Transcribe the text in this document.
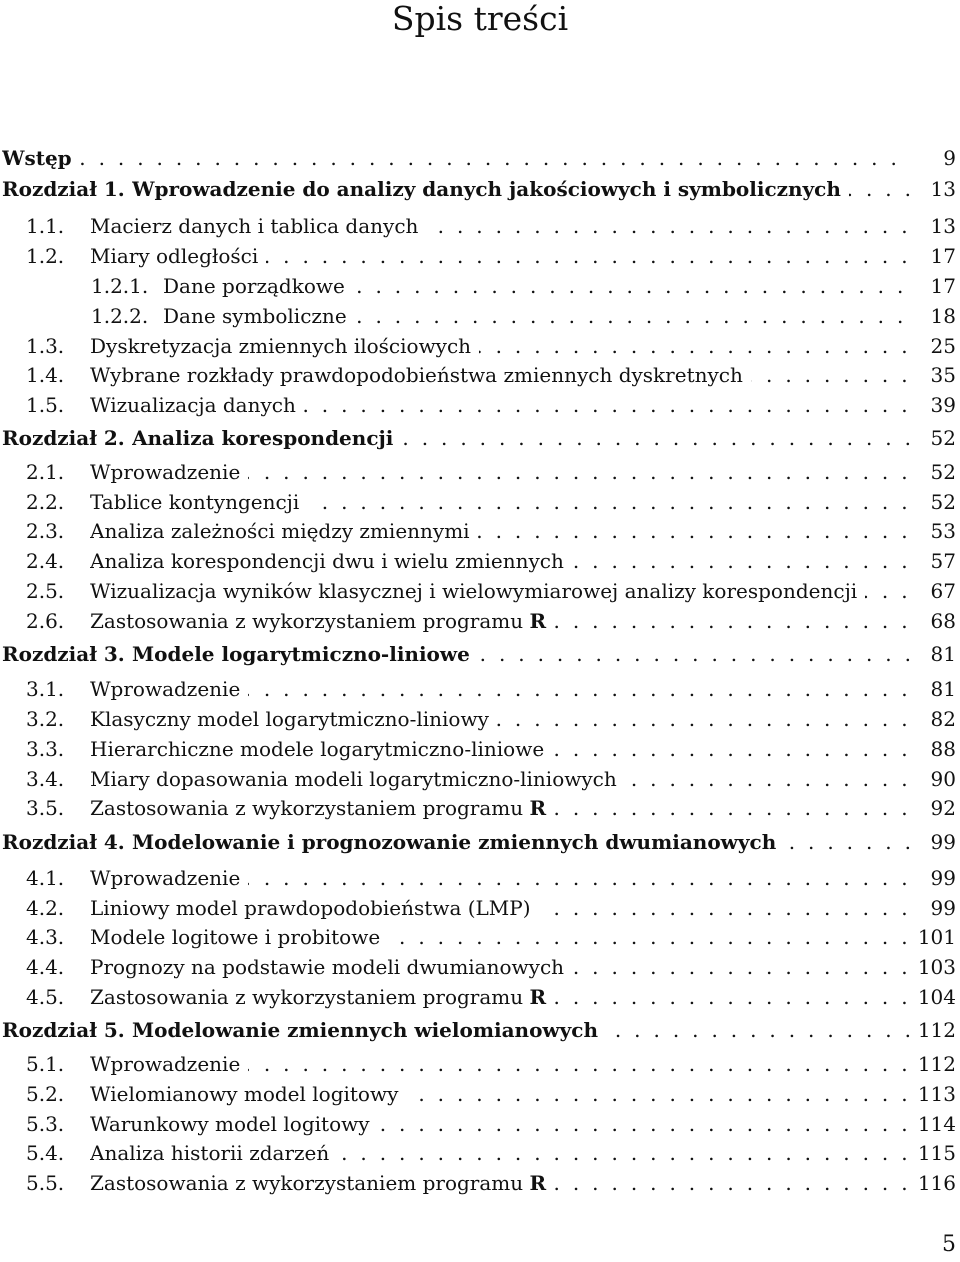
Spis treści
Wstęp . . .	9
Rozdział 1. Wprowadzenie do analizy danych jakościowych i symbolicznych . . .	13
1.1. Macierz danych i tablica danych . . .	13
1.2. Miary odległości . . .	17
1.2.1. Dane porządkowe . . .	17
1.2.2. Dane symboliczne . . .	18
1.3. Dyskretyzacja zmiennych ilościowych . . .	25
1.4. Wybrane rozkłady prawdopodobieństwa zmiennych dyskretnych . . .	35
1.5. Wizualizacja danych . . .	39
Rozdział 2. Analiza korespondencji . . .	52
2.1. Wprowadzenie . . .	52
2.2. Tablice kontyngencji . . .	52
2.3. Analiza zależności między zmiennymi . . .	53
2.4. Analiza korespondencji dwu i wielu zmiennych . . .	57
2.5. Wizualizacja wyników klasycznej i wielowymiarowej analizy korespondencji . . .	67
2.6. Zastosowania z wykorzystaniem programu R . . .	68
Rozdział 3. Modele logarytmiczno-liniowe . . .	81
3.1. Wprowadzenie . . .	81
3.2. Klasyczny model logarytmiczno-liniowy . . .	82
3.3. Hierarchiczne modele logarytmiczno-liniowe . . .	88
3.4. Miary dopasowania modeli logarytmiczno-liniowych . . .	90
3.5. Zastosowania z wykorzystaniem programu R . . .	92
Rozdział 4. Modelowanie i prognozowanie zmiennych dwumianowych . . .	99
4.1. Wprowadzenie . . .	99
4.2. Liniowy model prawdopodobieństwa (LMP) . . .	99
4.3. Modele logitowe i probitowe . . .	101
4.4. Prognozy na podstawie modeli dwumianowych . . .	103
4.5. Zastosowania z wykorzystaniem programu R . . .	104
Rozdział 5. Modelowanie zmiennych wielomianowych . . .	112
5.1. Wprowadzenie . . .	112
5.2. Wielomianowy model logitowy . . .	113
5.3. Warunkowy model logitowy . . .	114
5.4. Analiza historii zdarzeń . . .	115
5.5. Zastosowania z wykorzystaniem programu R . . .	116
5
